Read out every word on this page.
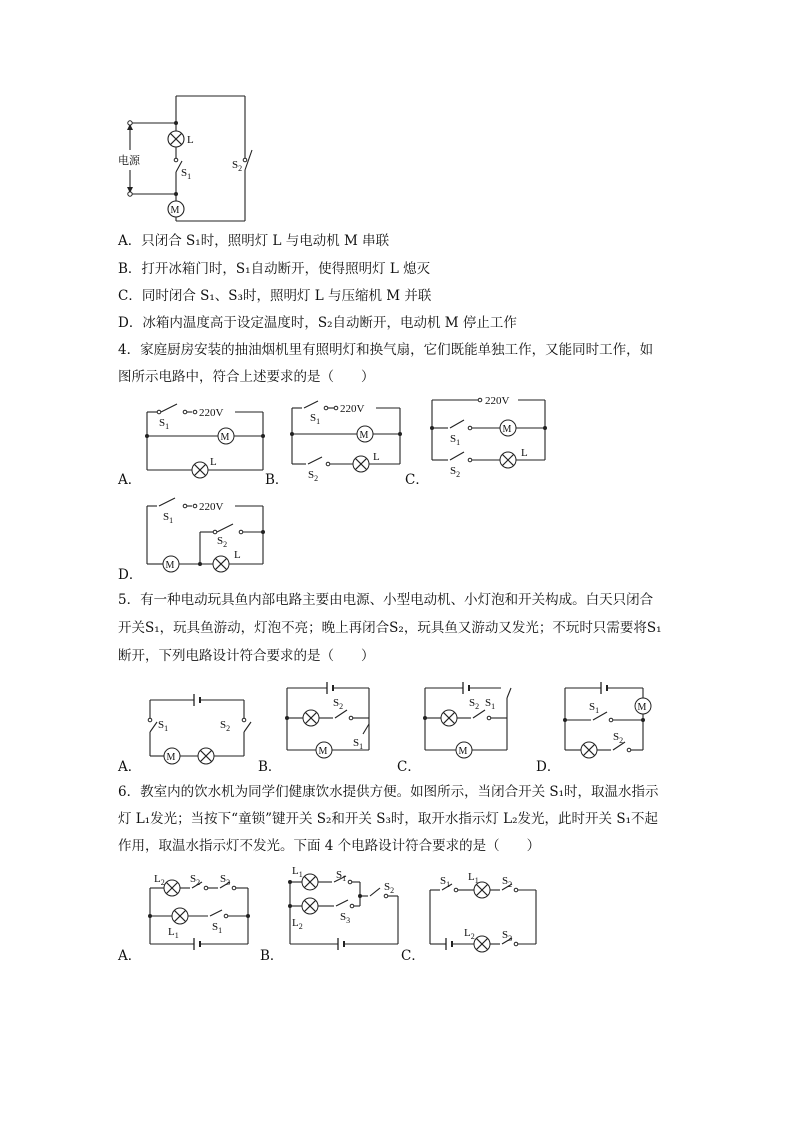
电源
L
$S_1$
$S_2$
M
A．只闭合 S₁时，照明灯 L 与电动机 M 串联
B．打开冰箱门时，S₁自动断开，使得照明灯 L 熄灭
C．同时闭合 S₁、S₃时，照明灯 L 与压缩机 M 并联
D．冰箱内温度高于设定温度时，S₂自动断开，电动机 M 停止工作
4．家庭厨房安装的抽油烟机里有照明灯和换气扇，它们既能单独工作，又能同时工作，如
图所示电路中，符合上述要求的是（　　）
220V
$S_1$
M
L
A．
220V
$S_1$
M
$S_2$
L
B．
220V
$S_1$
M
$S_2$
L
C．
220V
$S_1$
$S_2$
M
L
D．
5．有一种电动玩具鱼内部电路主要由电源、小型电动机、小灯泡和开关构成。白天只闭合
开关S₁，玩具鱼游动，灯泡不亮；晚上再闭合S₂，玩具鱼又游动又发光；不玩时只需要将S₁
断开，下列电路设计符合要求的是（　　）
$S_1$	$S_2$
M
A．
$S_2$
$S_1$
M
B．
$S_1$
$S_2$
M
C．
M
$S_1$
$S_2$
D．
6．教室内的饮水机为同学们健康饮水提供方便。如图所示，当闭合开关 S₁时，取温水指示
灯 L₁发光；当按下“童锁”键开关 S₂和开关 S₃时，取开水指示灯 L₂发光，此时开关 S₁不起
作用，取温水指示灯不发光。下面 4 个电路设计符合要求的是（　　）
$L_2$ $S_2$ $S_3$
$L_1$
$S_1$
A．
$L_1$	$S_1$
$S_2$
$L_2$
$S_3$
B．
$S_1$
$L_1$ $S_2$
$L_2$ $S_3$
C．
